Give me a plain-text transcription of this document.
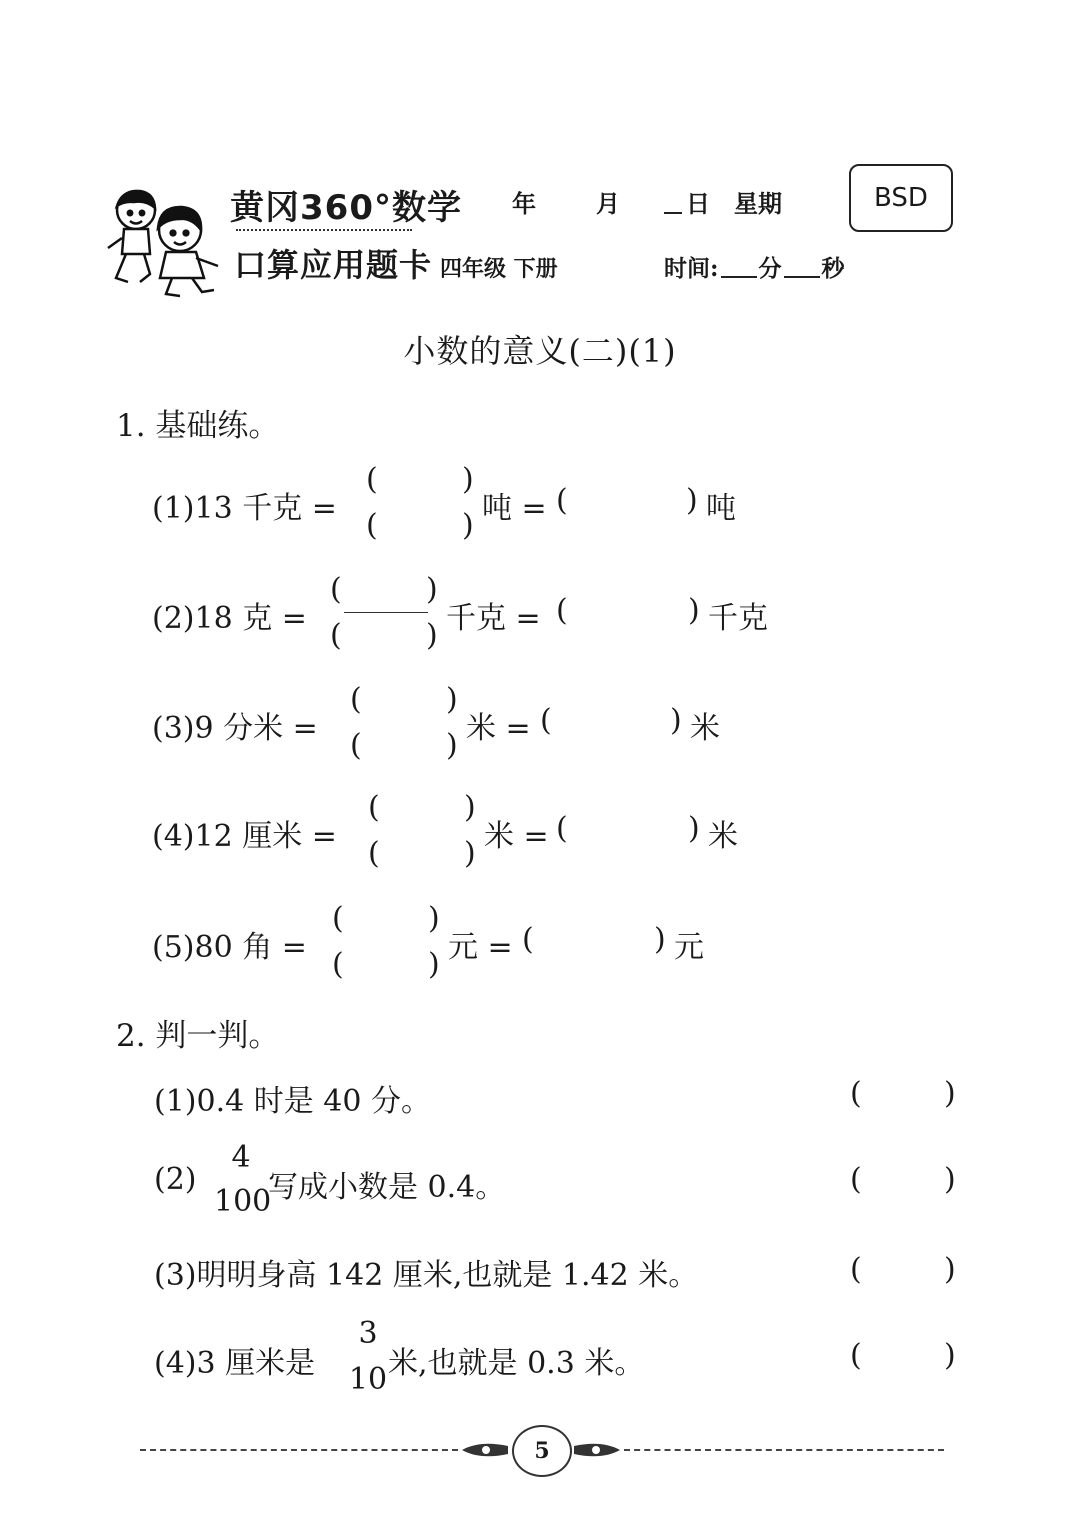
黄冈360°数学
口算应用题卡
年	月	日 星期
四年级 下册	时间: 分 秒
BSD
小数的意义(二)(1)
1. 基础练。
(1)13 千克 =
(	)
(	) 吨 = (	) 吨
(2)18 克 =
(	)
(	) 千克 = (	) 千克
(3)9 分米 =
(	)
(	) 米 = (	) 米
(4)12 厘米 =
(	)
(	) 米 = (	) 米
(5)80 角 =
(	)
(	) 元 = (	) 元
2. 判一判。
(1)0.4 时是 40 分。	(	)
(2)
4
100
写成小数是 0.4。	(	)
(3)明明身高 142 厘米,也就是 1.42 米。	(	)
(4)3 厘米是
3
10 米,也就是 0.3 米。	(	)
5
